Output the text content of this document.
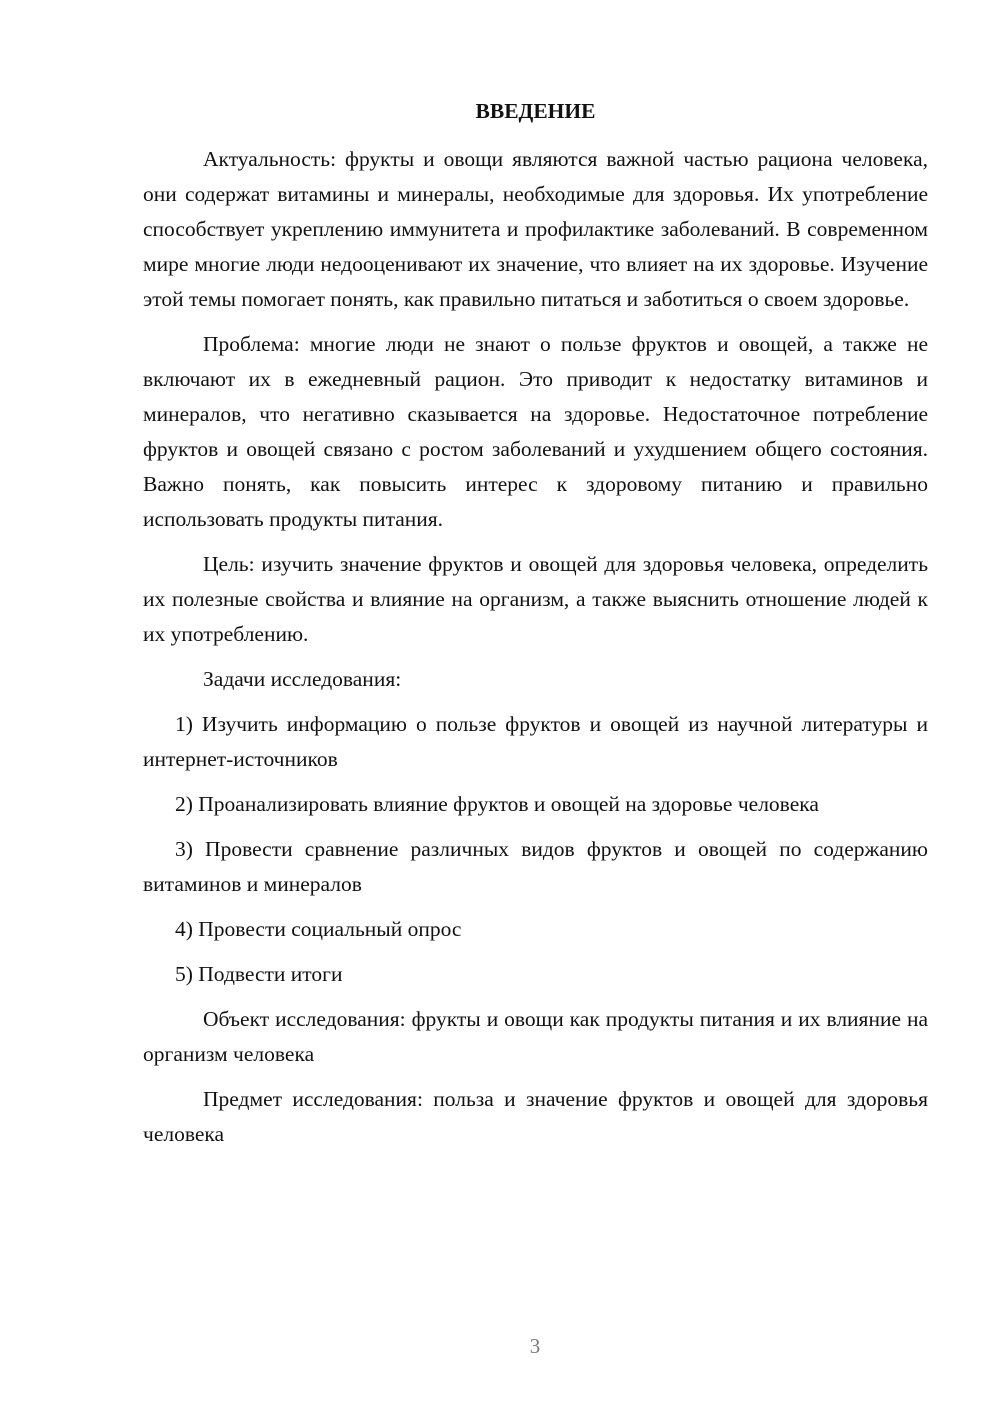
ВВЕДЕНИЕ

Актуальность: фрукты и овощи являются важной частью рациона человека, они содержат витамины и минералы, необходимые для здоровья. Их употребление способствует укреплению иммунитета и профилактике заболеваний. В современном мире многие люди недооценивают их значение, что влияет на их здоровье. Изучение этой темы помогает понять, как правильно питаться и заботиться о своем здоровье.

Проблема: многие люди не знают о пользе фруктов и овощей, а также не включают их в ежедневный рацион. Это приводит к недостатку витаминов и минералов, что негативно сказывается на здоровье. Недостаточное потребление фруктов и овощей связано с ростом заболеваний и ухудшением общего состояния. Важно понять, как повысить интерес к здоровому питанию и правильно использовать продукты питания.

Цель: изучить значение фруктов и овощей для здоровья человека, определить их полезные свойства и влияние на организм, а также выяснить отношение людей к их употреблению.

Задачи исследования:

1) Изучить информацию о пользе фруктов и овощей из научной литературы и интернет-источников

2) Проанализировать влияние фруктов и овощей на здоровье человека

3) Провести сравнение различных видов фруктов и овощей по содержанию витаминов и минералов

4) Провести социальный опрос

5) Подвести итоги

Объект исследования: фрукты и овощи как продукты питания и их влияние на организм человека

Предмет исследования: польза и значение фруктов и овощей для здоровья человека

3
